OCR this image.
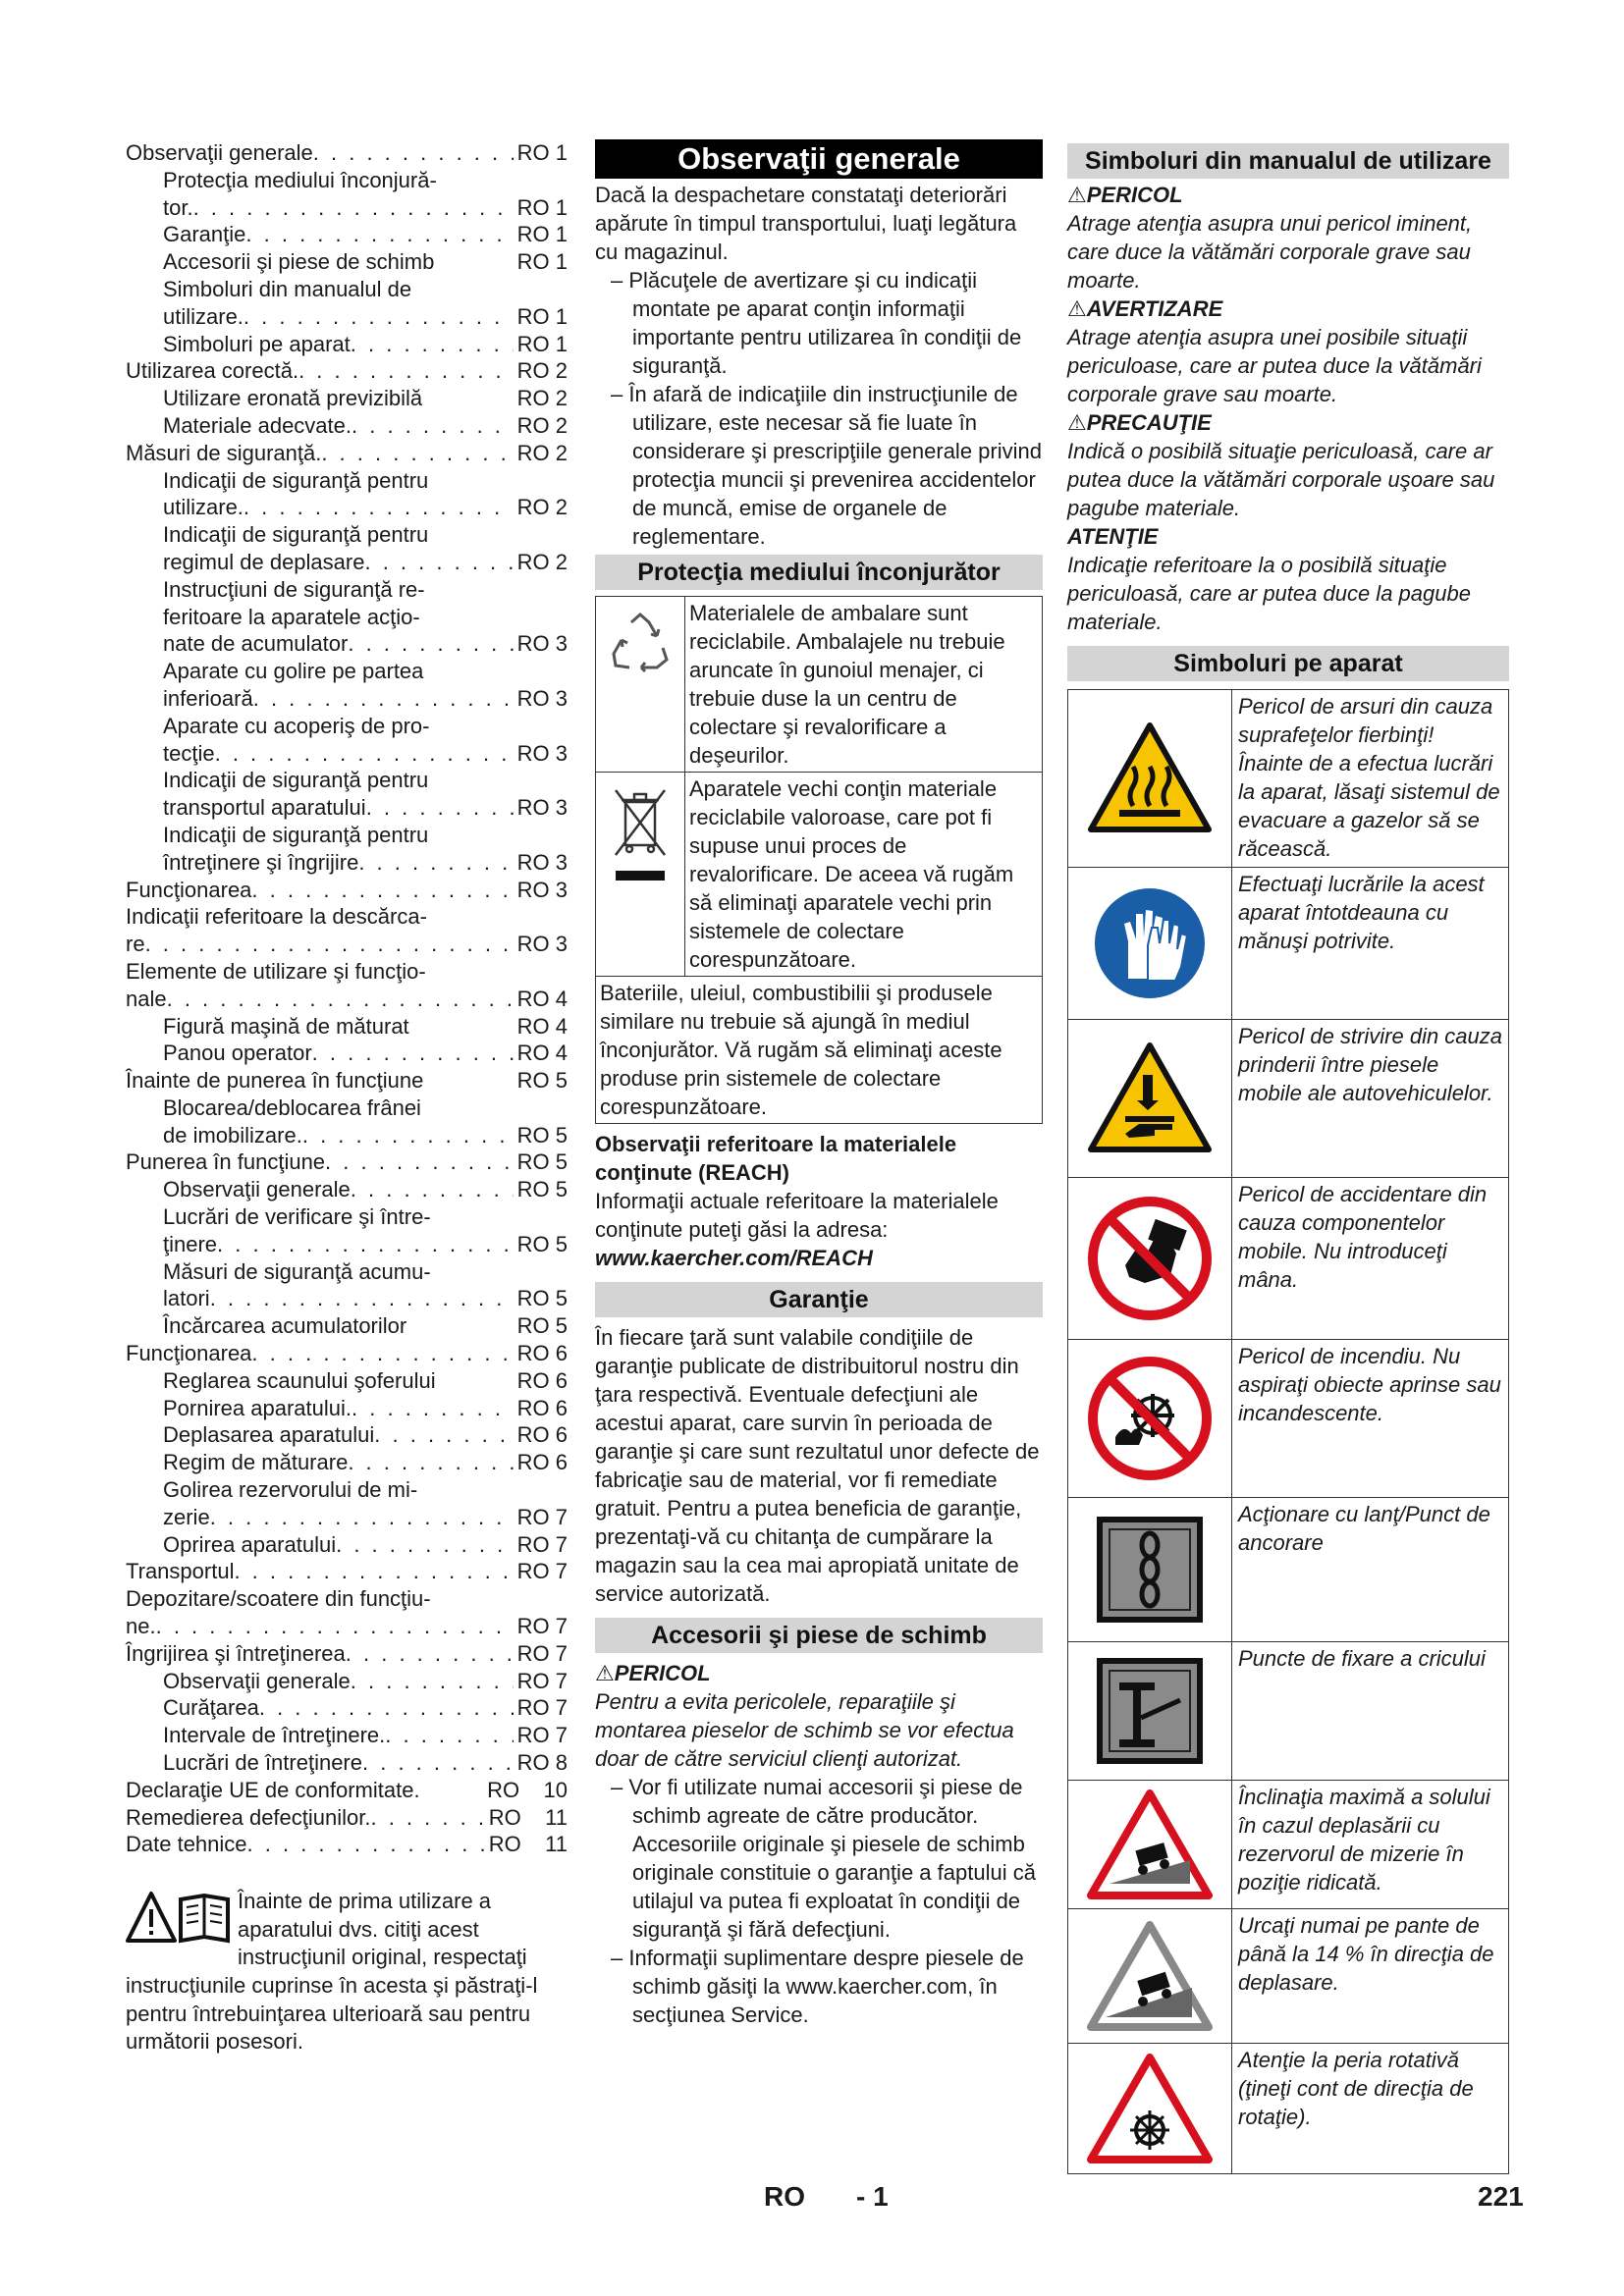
Observaţii generale . . .	RO 1
Protecţia mediului înconjură-
tor. . . .	RO 1
Garanţie . . .	RO 1
Accesorii şi piese de schimb	RO 1
Simboluri din manualul de
utilizare. . . .	RO 1
Simboluri pe aparat . . .	RO 1
Utilizarea corectă. . . .	RO 2
Utilizare eronată previzibilă	RO 2
Materiale adecvate. . . .	RO 2
Măsuri de siguranţă. . . .	RO 2
Indicaţii de siguranţă pentru
utilizare. . . .	RO 2
Indicaţii de siguranţă pentru
regimul de deplasare . . .	RO 2
Instrucţiuni de siguranţă re-
feritoare la aparatele acţio-
nate de acumulator . . .	RO 3
Aparate cu golire pe partea
inferioară . . .	RO 3
Aparate cu acoperiş de pro-
tecţie . . .	RO 3
Indicaţii de siguranţă pentru
transportul aparatului . . .	RO 3
Indicaţii de siguranţă pentru
întreţinere şi îngrijire . . .	RO 3
Funcţionarea . . .	RO 3
Indicaţii referitoare la descărca-
re . . .	RO 3
Elemente de utilizare şi funcţio-
nale . . .	RO 4
Figură maşină de măturat	RO 4
Panou operator . . .	RO 4
Înainte de punerea în funcţiune	RO 5
Blocarea/deblocarea frânei
de imobilizare. . . .	RO 5
Punerea în funcţiune . . .	RO 5
Observaţii generale . . .	RO 5
Lucrări de verificare şi între-
ţinere . . .	RO 5
Măsuri de siguranţă acumu-
latori . . .	RO 5
Încărcarea acumulatorilor	RO 5
Funcţionarea . . .	RO 6
Reglarea scaunului şoferului	RO 6
Pornirea aparatului. . . .	RO 6
Deplasarea aparatului . . .	RO 6
Regim de măturare . . .	RO 6
Golirea rezervorului de mi-
zerie . . .	RO 7
Oprirea aparatului . . .	RO 7
Transportul . . .	RO 7
Depozitare/scoatere din funcţiu-
ne. . . .	RO 7
Îngrijirea şi întreţinerea . . .	RO 7
Observaţii generale . . .	RO 7
Curăţarea . . .	RO 7
Intervale de întreţinere. . . .	RO 7
Lucrări de întreţinere . . .	RO 8
Declaraţie UE de conformitate.	RO    10
Remedierea defecţiunilor. . . .	RO    11
Date tehnice . . .	RO    11
Înainte de prima utilizare a aparatului dvs. citiţi acest instrucţiunil original, respectaţi instrucţiunile cuprinse în acesta şi păstraţi-l pentru întrebuinţarea ulterioară sau pentru următorii posesori.
Observaţii generale
Dacă la despachetare constataţi deteriorări apărute în timpul transportului, luaţi legătura cu magazinul.
– Plăcuţele de avertizare şi cu indicaţii montate pe aparat conţin informaţii importante pentru utilizarea în condiţii de siguranţă.
– În afară de indicaţiile din instrucţiunile de utilizare, este necesar să fie luate în considerare şi prescripţiile generale privind protecţia muncii şi prevenirea accidentelor de muncă, emise de organele de reglementare.
Protecţia mediului înconjurător
Materialele de ambalare sunt reciclabile. Ambalajele nu trebuie aruncate în gunoiul menajer, ci trebuie duse la un centru de colectare şi revalorificare a deşeurilor.
Aparatele vechi conţin materiale reciclabile valoroase, care pot fi supuse unui proces de revalorificare. De aceea vă rugăm să eliminaţi aparatele vechi prin sistemele de colectare corespunzătoare.
Bateriile, uleiul, combustibilii şi produsele similare nu trebuie să ajungă în mediul înconjurător. Vă rugăm să eliminaţi aceste produse prin sistemele de colectare corespunzătoare.
Observaţii referitoare la materialele conţinute (REACH)
Informaţii actuale referitoare la materialele conţinute puteţi găsi la adresa:
www.kaercher.com/REACH
Garanţie
În fiecare ţară sunt valabile condiţiile de garanţie publicate de distribuitorul nostru din ţara respectivă. Eventuale defecţiuni ale acestui aparat, care survin în perioada de garanţie şi care sunt rezultatul unor defecte de fabricaţie sau de material, vor fi remediate gratuit. Pentru a putea beneficia de garanţie, prezentaţi-vă cu chitanţa de cumpărare la magazin sau la cea mai apropiată unitate de service autorizată.
Accesorii şi piese de schimb
⚠PERICOL
Pentru a evita pericolele, reparaţiile şi montarea pieselor de schimb se vor efectua doar de către serviciul clienţi autorizat.
– Vor fi utilizate numai accesorii şi piese de schimb agreate de către producător. Accesoriile originale şi piesele de schimb originale constituie o garanţie a faptului că utilajul va putea fi exploatat în condiţii de siguranţă şi fără defecţiuni.
– Informaţii suplimentare despre piesele de schimb găsiţi la www.kaercher.com, în secţiunea Service.
Simboluri din manualul de utilizare
⚠PERICOL
Atrage atenţia asupra unui pericol iminent, care duce la vătămări corporale grave sau moarte.
⚠AVERTIZARE
Atrage atenţia asupra unei posibile situaţii periculoase, care ar putea duce la vătămări corporale grave sau moarte.
⚠PRECAUŢIE
Indică o posibilă situaţie periculoasă, care ar putea duce la vătămări corporale uşoare sau pagube materiale.
ATENŢIE
Indicaţie referitoare la o posibilă situaţie periculoasă, care ar putea duce la pagube materiale.
Simboluri pe aparat
Pericol de arsuri din cauza suprafeţelor fierbinţi! Înainte de a efectua lucrări la aparat, lăsaţi sistemul de evacuare a gazelor să se răcească.
Efectuaţi lucrările la acest aparat întotdeauna cu mănuşi potrivite.
Pericol de strivire din cauza prinderii între piesele mobile ale autovehiculelor.
Pericol de accidentare din cauza componentelor mobile. Nu introduceţi mâna.
Pericol de incendiu. Nu aspiraţi obiecte aprinse sau incandescente.
Acţionare cu lanţ/Punct de ancorare
Puncte de fixare a cricului
Înclinaţia maximă a solului în cazul deplasării cu rezervorul de mizerie în poziţie ridicată.
Urcaţi numai pe pante de până la 14 % în direcţia de deplasare.
Atenţie la peria rotativă (ţineţi cont de direcţia de rotaţie).
RO - 1	221
